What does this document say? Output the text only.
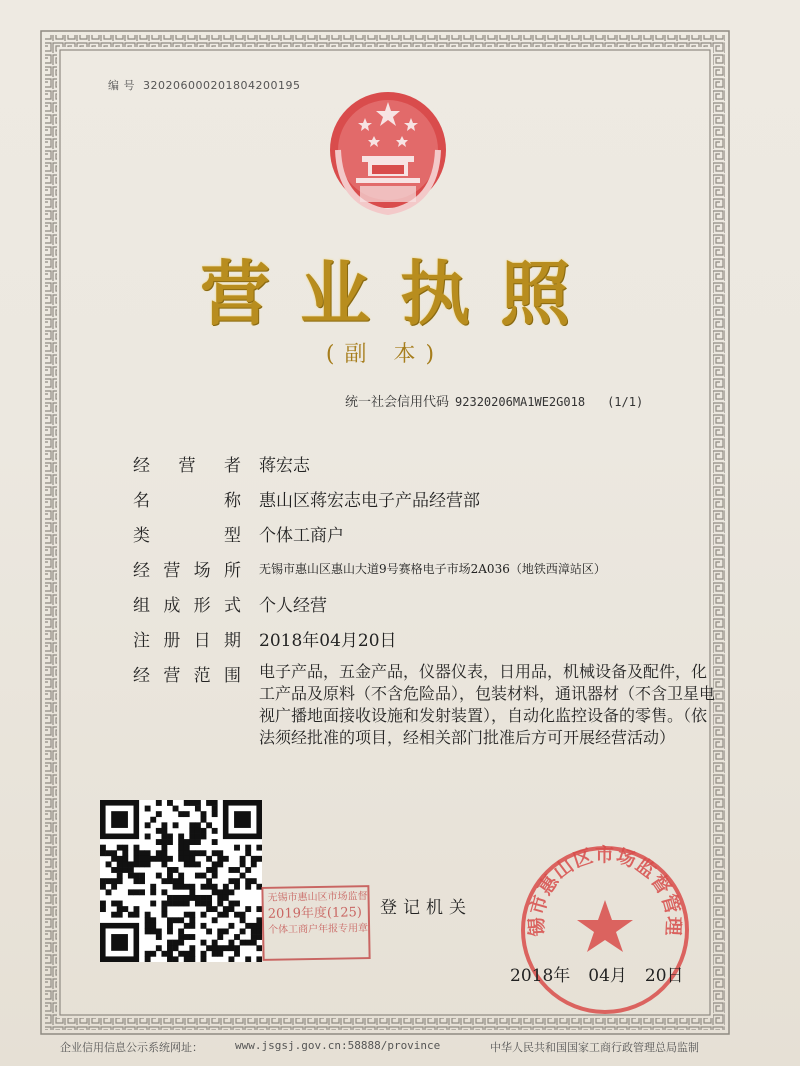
编 号 320206000201804200195
营业执照
(副 本)
统一社会信用代码 92320206MA1WE2G018 (1/1)
经 营 者 蒋宏志
名	称 惠山区蒋宏志电子产品经营部
类	型 个体工商户
经 营 场 所 无锡市惠山区惠山大道9号赛格电子市场2A036（地铁西漳站区）
组 成 形 式 个人经营
注 册 日 期 2018年04月20日
经 营 范 围 电子产品，五金产品，仪器仪表，日用品，机械设备及配件，化工产品及原料（不含危险品），包装材料，通讯器材（不含卫星电视广播地面接收设施和发射装置），自动化监控设备的零售。（依法须经批准的项目，经相关部门批准后方可开展经营活动）
无锡市惠山区市场监督
2019年度(125)
个体工商户年报专用章
登记机关
锡市惠山区市场监督管理
2018年 04月 20日
企业信用信息公示系统网址：	www.jsgsj.gov.cn:58888/province	中华人民共和国国家工商行政管理总局监制
